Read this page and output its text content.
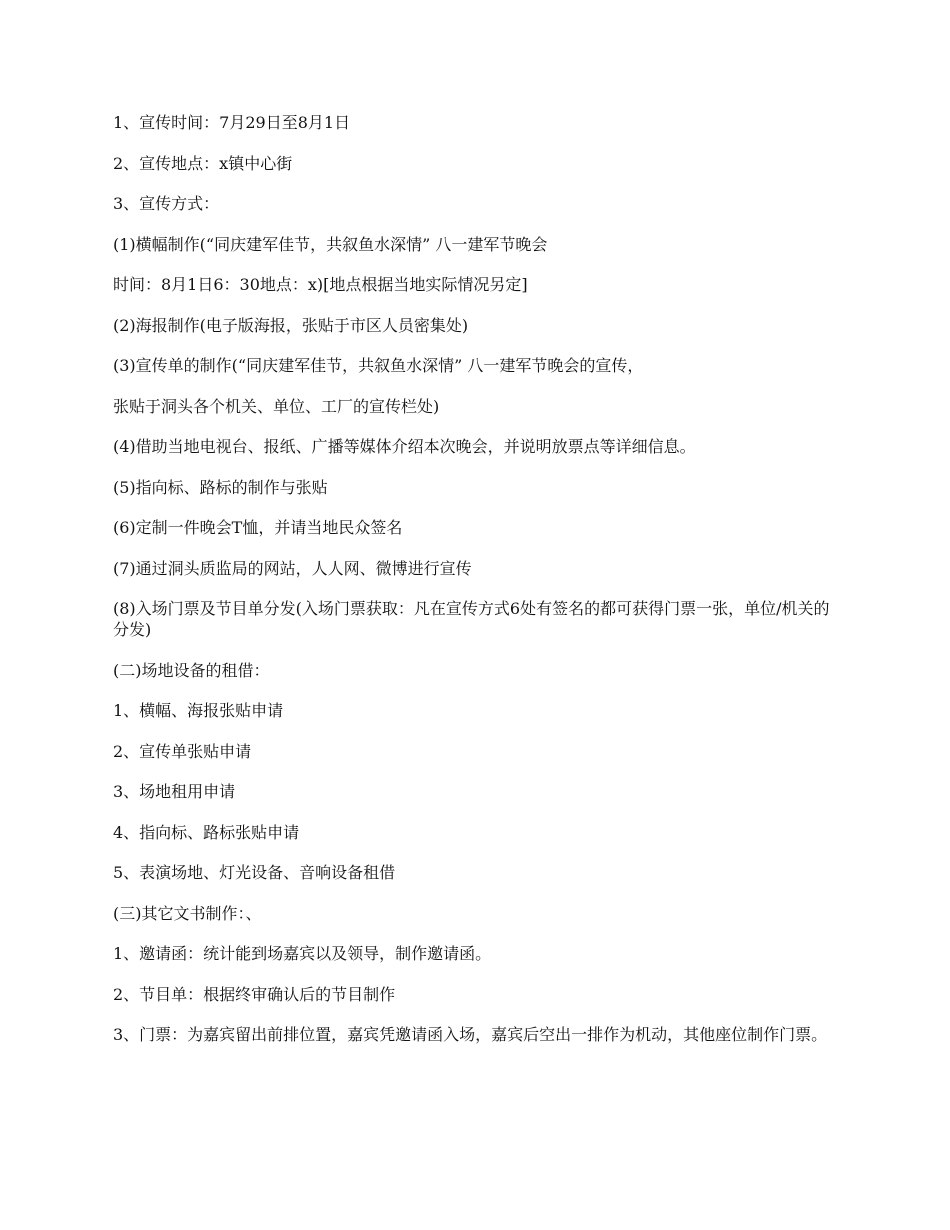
1、宣传时间：7月29日至8月1日

2、宣传地点：x镇中心街

3、宣传方式：

(1)横幅制作(“同庆建军佳节，共叙鱼水深情” 八一建军节晚会

时间：8月1日6：30地点：x)[地点根据当地实际情况另定]

(2)海报制作(电子版海报，张贴于市区人员密集处)

(3)宣传单的制作(“同庆建军佳节，共叙鱼水深情” 八一建军节晚会的宣传，

张贴于洞头各个机关、单位、工厂的宣传栏处)

(4)借助当地电视台、报纸、广播等媒体介绍本次晚会，并说明放票点等详细信息。

(5)指向标、路标的制作与张贴

(6)定制一件晚会T恤，并请当地民众签名

(7)通过洞头质监局的网站，人人网、微博进行宣传

(8)入场门票及节目单分发(入场门票获取：凡在宣传方式6处有签名的都可获得门票一张，单位/机关的分发)

(二)场地设备的租借：

1、横幅、海报张贴申请

2、宣传单张贴申请

3、场地租用申请

4、指向标、路标张贴申请

5、表演场地、灯光设备、音响设备租借

(三)其它文书制作：、

1、邀请函：统计能到场嘉宾以及领导，制作邀请函。

2、节目单：根据终审确认后的节目制作

3、门票：为嘉宾留出前排位置，嘉宾凭邀请函入场，嘉宾后空出一排作为机动，其他座位制作门票。
